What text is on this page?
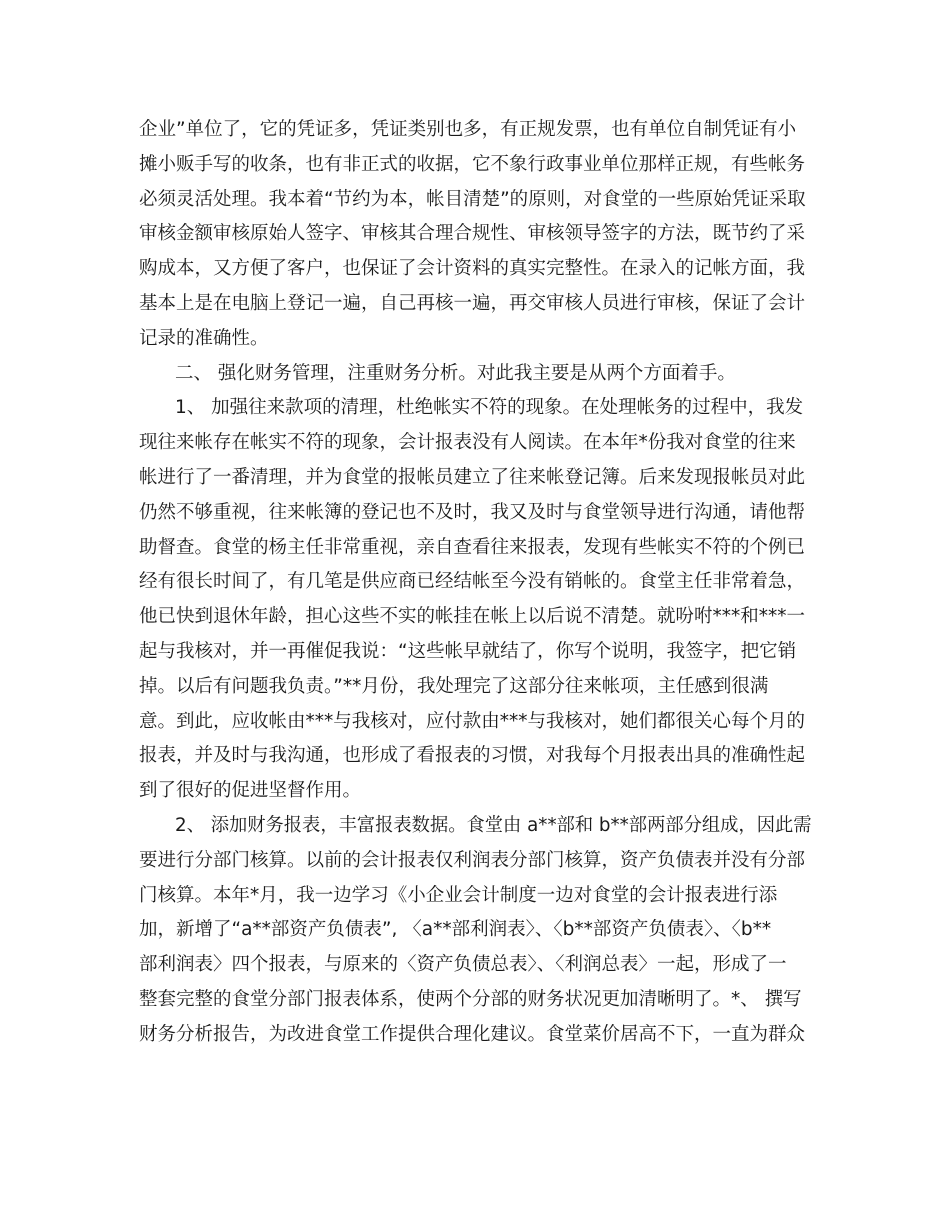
企业”单位了，它的凭证多，凭证类别也多，有正规发票，也有单位自制凭证有小
摊小贩手写的收条，也有非正式的收据，它不象行政事业单位那样正规，有些帐务
必须灵活处理。我本着“节约为本，帐目清楚”的原则，对食堂的一些原始凭证采取
审核金额审核原始人签字、审核其合理合规性、审核领导签字的方法，既节约了采
购成本，又方便了客户，也保证了会计资料的真实完整性。在录入的记帐方面，我
基本上是在电脑上登记一遍，自己再核一遍，再交审核人员进行审核，保证了会计
记录的准确性。
二、 强化财务管理，注重财务分析。对此我主要是从两个方面着手。
1、 加强往来款项的清理，杜绝帐实不符的现象。在处理帐务的过程中，我发
现往来帐存在帐实不符的现象，会计报表没有人阅读。在本年*份我对食堂的往来
帐进行了一番清理，并为食堂的报帐员建立了往来帐登记簿。后来发现报帐员对此
仍然不够重视，往来帐簿的登记也不及时，我又及时与食堂领导进行沟通，请他帮
助督查。食堂的杨主任非常重视，亲自查看往来报表，发现有些帐实不符的个例已
经有很长时间了，有几笔是供应商已经结帐至今没有销帐的。食堂主任非常着急，
他已快到退休年龄，担心这些不实的帐挂在帐上以后说不清楚。就吩咐***和***一
起与我核对，并一再催促我说：“这些帐早就结了，你写个说明，我签字，把它销
掉。以后有问题我负责。”**月份，我处理完了这部分往来帐项，主任感到很满
意。到此，应收帐由***与我核对，应付款由***与我核对，她们都很关心每个月的
报表，并及时与我沟通，也形成了看报表的习惯，对我每个月报表出具的准确性起
到了很好的促进坚督作用。
2、 添加财务报表，丰富报表数据。食堂由 a**部和 b**部两部分组成，因此需
要进行分部门核算。以前的会计报表仅利润表分部门核算，资产负债表并没有分部
门核算。本年*月，我一边学习《小企业会计制度一边对食堂的会计报表进行添
加，新增了“a**部资产负债表”, 〈a**部利润表〉、〈b**部资产负债表〉、〈b**
部利润表〉四个报表，与原来的〈资产负债总表〉、〈利润总表〉一起，形成了一
整套完整的食堂分部门报表体系，使两个分部的财务状况更加清晰明了。*、 撰写
财务分析报告，为改进食堂工作提供合理化建议。食堂菜价居高不下，一直为群众
